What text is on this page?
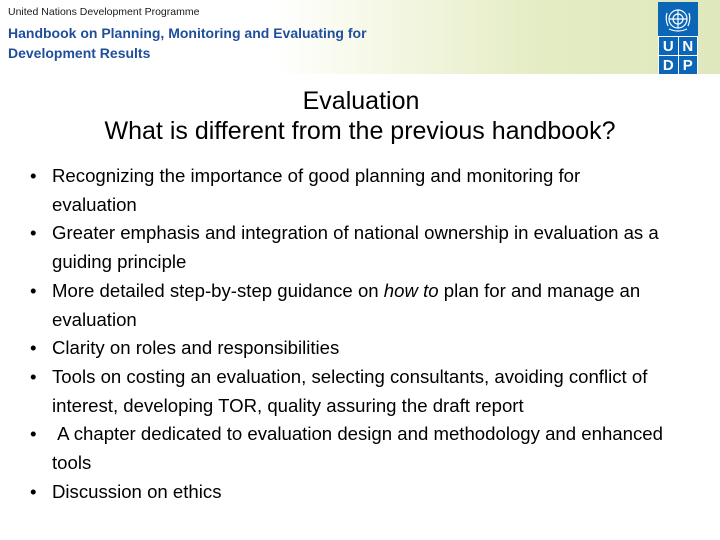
United Nations Development Programme
Handbook on Planning, Monitoring and Evaluating for Development Results	U N
D P
Evaluation
What is different from the previous handbook?
• Recognizing the importance of good planning and monitoring for evaluation
• Greater emphasis and integration of national ownership in evaluation as a guiding principle
• More detailed step-by-step guidance on how to plan for and manage an evaluation
• Clarity on roles and responsibilities
• Tools on costing an evaluation, selecting consultants, avoiding conflict of interest, developing TOR, quality assuring the draft report
•  A chapter dedicated to evaluation design and methodology and enhanced tools
• Discussion on ethics
